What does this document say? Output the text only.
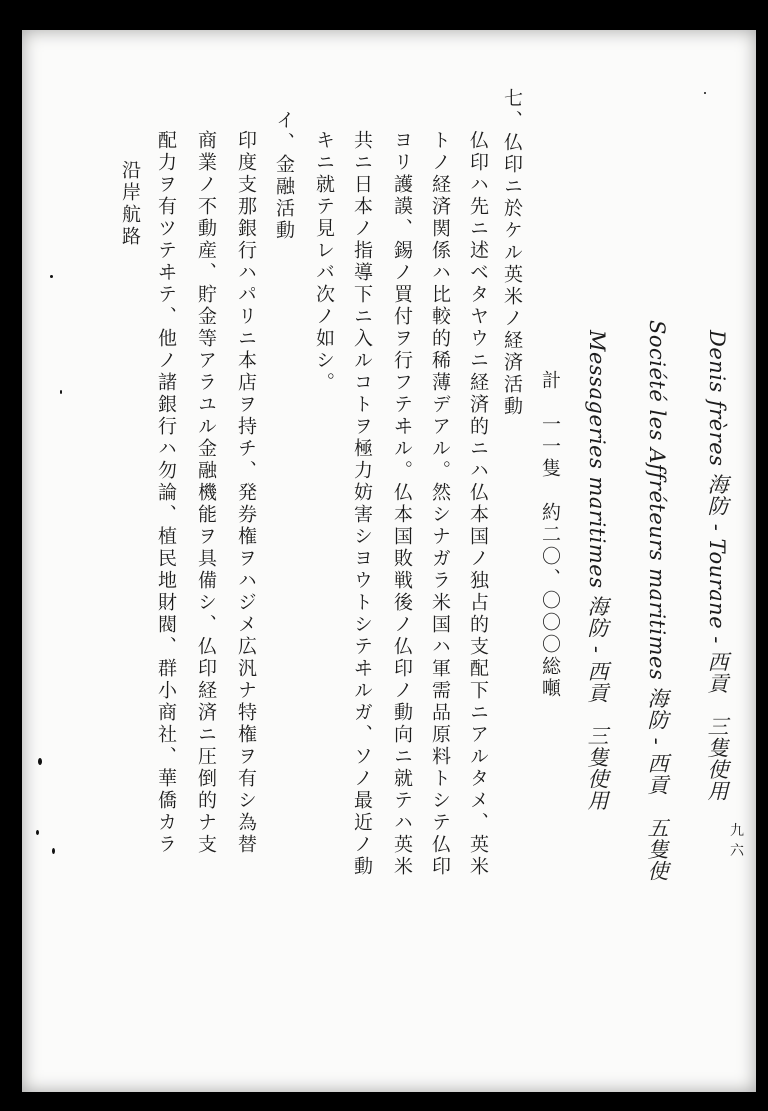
九六
沿岸航路
Denis frères 海防 - Tourane - 西貢　三隻使用
Société les Affréteurs maritimes 海防 - 西貢　五隻使
Messageries maritimes 海防 - 西貢　三隻使用
計　一一隻　約二〇、〇〇〇総噸
七、仏印ニ於ケル英米ノ経済活動
仏印ハ先ニ述ベタヤウニ経済的ニハ仏本国ノ独占的支配下ニアルタメ、英米
トノ経済関係ハ比較的稀薄デアル。然シナガラ米国ハ軍需品原料トシテ仏印
ヨリ護謨、錫ノ買付ヲ行フテヰル。仏本国敗戦後ノ仏印ノ動向ニ就テハ英米
共ニ日本ノ指導下ニ入ルコトヲ極力妨害シヨウトシテヰルガ、ソノ最近ノ動
キニ就テ見レバ次ノ如シ。
イ、金融活動
印度支那銀行ハパリニ本店ヲ持チ、発券権ヲハジメ広汎ナ特権ヲ有シ為替
商業ノ不動産、貯金等アラユル金融機能ヲ具備シ、仏印経済ニ圧倒的ナ支
配力ヲ有ツテヰテ、他ノ諸銀行ハ勿論、植民地財閥、群小商社、華僑カラ
